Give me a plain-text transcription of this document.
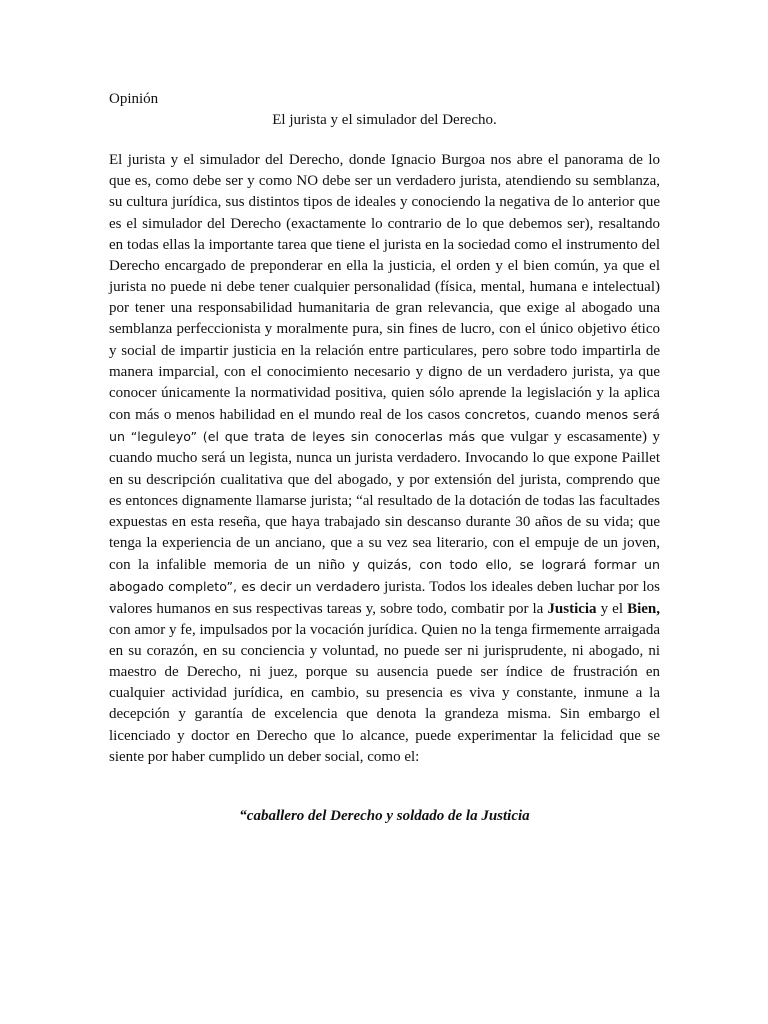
Opinión
El jurista y el simulador del Derecho.

El jurista y el simulador del Derecho, donde Ignacio Burgoa nos abre el panorama de lo que es, como debe ser y como NO debe ser un verdadero jurista, atendiendo su semblanza, su cultura jurídica, sus distintos tipos de ideales y conociendo la negativa de lo anterior que es el simulador del Derecho (exactamente lo contrario de lo que debemos ser), resaltando en todas ellas la importante tarea que tiene el jurista en la sociedad como el instrumento del Derecho encargado de preponderar en ella la justicia, el orden y el bien común, ya que el jurista no puede ni debe tener cualquier personalidad (física, mental, humana e intelectual) por tener una responsabilidad humanitaria de gran relevancia, que exige al abogado una semblanza perfeccionista y moralmente pura, sin fines de lucro, con el único objetivo ético y social de impartir justicia en la relación entre particulares, pero sobre todo impartirla de manera imparcial, con el conocimiento necesario y digno de un verdadero jurista, ya que conocer únicamente la normatividad positiva, quien sólo aprende la legislación y la aplica con más o menos habilidad en el mundo real de los casos concretos, cuando menos será un “leguleyo” (el que trata de leyes sin conocerlas más que vulgar y escasamente) y cuando mucho será un legista, nunca un jurista verdadero. Invocando lo que expone Paillet en su descripción cualitativa que del abogado, y por extensión del jurista, comprendo que es entonces dignamente llamarse jurista; “al resultado de la dotación de todas las facultades expuestas en esta reseña, que haya trabajado sin descanso durante 30 años de su vida; que tenga la experiencia de un anciano, que a su vez sea literario, con el empuje de un joven, con la infalible memoria de un niño y quizás, con todo ello, se logrará formar un abogado completo”, es decir un verdadero jurista. Todos los ideales deben luchar por los valores humanos en sus respectivas tareas y, sobre todo, combatir por la Justicia y el Bien, con amor y fe, impulsados por la vocación jurídica. Quien no la tenga firmemente arraigada en su corazón, en su conciencia y voluntad, no puede ser ni jurisprudente, ni abogado, ni maestro de Derecho, ni juez, porque su ausencia puede ser índice de frustración en cualquier actividad jurídica, en cambio, su presencia es viva y constante, inmune a la decepción y garantía de excelencia que denota la grandeza misma. Sin embargo el licenciado y doctor en Derecho que lo alcance, puede experimentar la felicidad que se siente por haber cumplido un deber social, como el:

“caballero del Derecho y soldado de la Justicia
